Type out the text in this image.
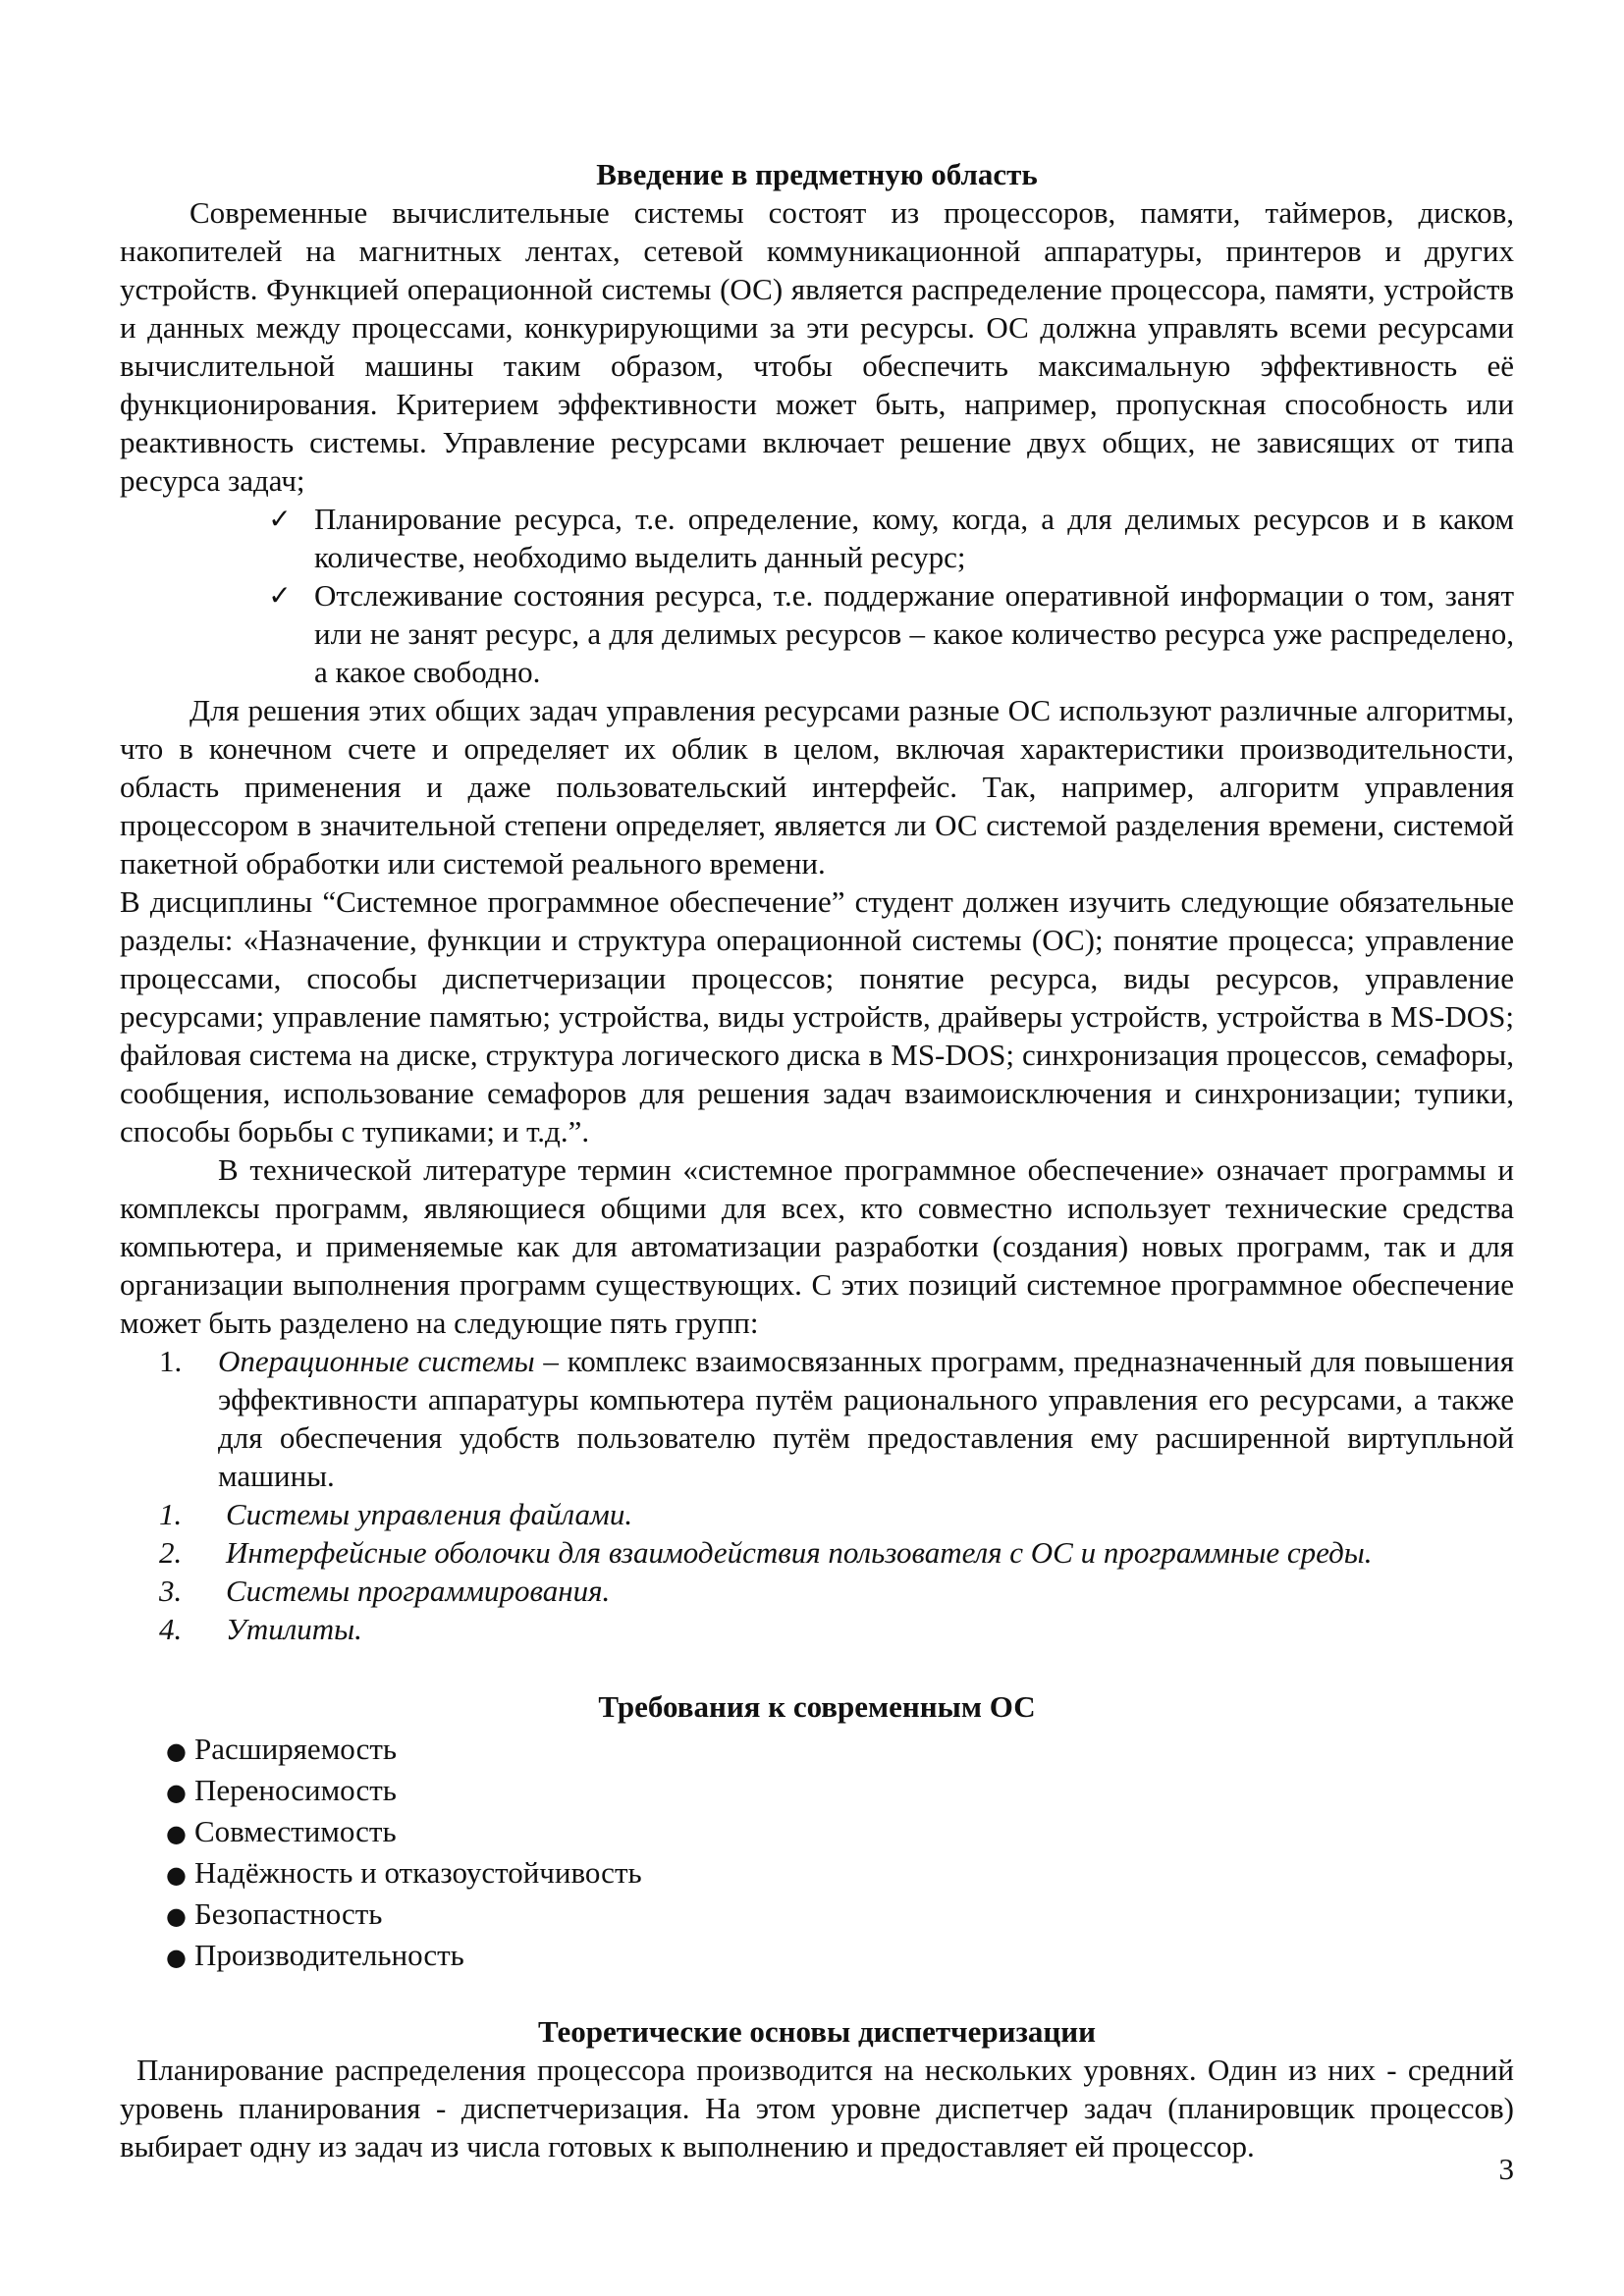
Введение в предметную область

Современные вычислительные системы состоят из процессоров, памяти, таймеров, дисков, накопителей на магнитных лентах, сетевой коммуникационной аппаратуры, принтеров и других устройств. Функцией операционной системы (ОС) является распределение процессора, памяти, устройств и данных между процессами, конкурирующими за эти ресурсы. ОС должна управлять всеми ресурсами вычислительной машины таким образом, чтобы обеспечить максимальную эффективность её функционирования. Критерием эффективности может быть, например, пропускная способность или реактивность системы. Управление ресурсами включает решение двух общих, не зависящих от типа ресурса задач;

✓ Планирование ресурса, т.е. определение, кому, когда, а для делимых ресурсов и в каком количестве, необходимо выделить данный ресурс;
✓ Отслеживание состояния ресурса, т.е. поддержание оперативной информации о том, занят или не занят ресурс, а для делимых ресурсов – какое количество ресурса уже распределено, а какое свободно.

Для решения этих общих задач управления ресурсами разные ОС используют различные алгоритмы, что в конечном счете и определяет их облик в целом, включая характеристики производительности, область применения и даже пользовательский интерфейс. Так, например, алгоритм управления процессором в значительной степени определяет, является ли ОС системой разделения времени, системой пакетной обработки или системой реального времени.

В дисциплины “Системное программное обеспечение” студент должен изучить следующие обязательные разделы: «Назначение, функции и структура операционной системы (ОС); понятие процесса; управление процессами, способы диспетчеризации процессов; понятие ресурса, виды ресурсов, управление ресурсами; управление памятью; устройства, виды устройств, драйверы устройств, устройства в MS-DOS; файловая система на диске, структура логического диска в MS-DOS; синхронизация процессов, семафоры, сообщения, использование семафоров для решения задач взаимоисключения и синхронизации; тупики, способы борьбы с тупиками; и т.д.”.

В технической литературе термин «системное программное обеспечение» означает программы и комплексы программ, являющиеся общими для всех, кто совместно использует технические средства компьютера, и применяемые как для автоматизации разработки (создания) новых программ, так и для организации выполнения программ существующих. С этих позиций системное программное обеспечение может быть разделено на следующие пять групп:

1. Операционные системы – комплекс взаимосвязанных программ, предназначенный для повышения эффективности аппаратуры компьютера путём рационального управления его ресурсами, а также для обеспечения удобств пользователю путём предоставления ему расширенной виртупльной машины.
1. Системы управления файлами.
2. Интерфейсные оболочки для взаимодействия пользователя с ОС и программные среды.
3. Системы программирования.
4. Утилиты.
Требования к современным ОС
● Расширяемость
● Переносимость
● Совместимость
● Надёжность и отказоустойчивость
● Безопастность
● Производительность
Теоретические основы диспетчеризации

Планирование распределения процессора производится на нескольких уровнях. Один из них - средний уровень планирования - диспетчеризация. На этом уровне диспетчер задач (планировщик процессов) выбирает одну из задач из числа готовых к выполнению и предоставляет ей процессор.

3
